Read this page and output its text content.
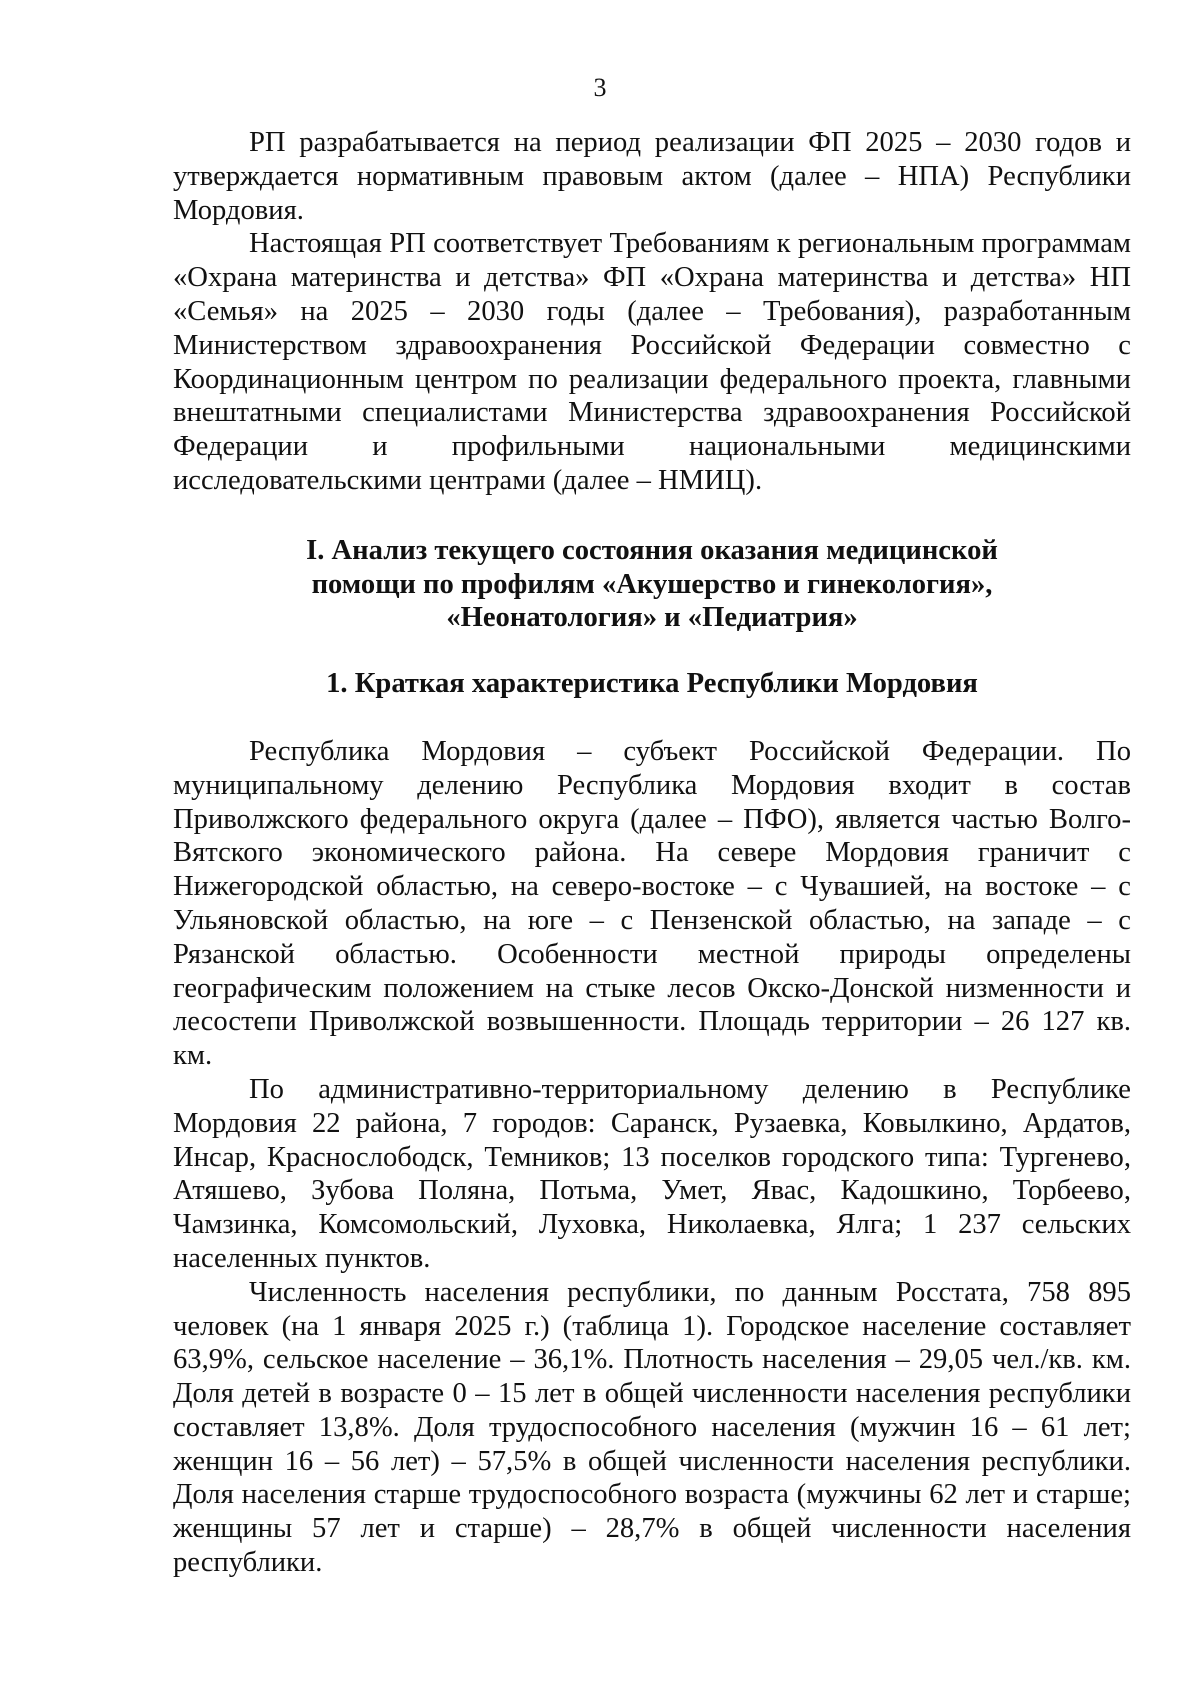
3

РП разрабатывается на период реализации ФП 2025 – 2030 годов и утверждается нормативным правовым актом (далее – НПА) Республики Мордовия.

Настоящая РП соответствует Требованиям к региональным программам «Охрана материнства и детства» ФП «Охрана материнства и детства» НП «Семья» на 2025 – 2030 годы (далее – Требования), разработанным Министерством здравоохранения Российской Федерации совместно с Координационным центром по реализации федерального проекта, главными внештатными специалистами Министерства здравоохранения Российской Федерации и профильными национальными медицинскими исследовательскими центрами (далее – НМИЦ).

I. Анализ текущего состояния оказания медицинской
помощи по профилям «Акушерство и гинекология»,
«Неонатология» и «Педиатрия»
1. Краткая характеристика Республики Мордовия

Республика Мордовия – субъект Российской Федерации. По муниципальному делению Республика Мордовия входит в состав Приволжского федерального округа (далее – ПФО), является частью Волго-Вятского экономического района. На севере Мордовия граничит с Нижегородской областью, на северо-востоке – с Чувашией, на востоке – с Ульяновской областью, на юге – с Пензенской областью, на западе – с Рязанской областью. Особенности местной природы определены географическим положением на стыке лесов Окско-Донской низменности и лесостепи Приволжской возвышенности. Площадь территории – 26 127 кв. км.

По административно-территориальному делению в Республике Мордовия 22 района, 7 городов: Саранск, Рузаевка, Ковылкино, Ардатов, Инсар, Краснослободск, Темников; 13 поселков городского типа: Тургенево, Атяшево, Зубова Поляна, Потьма, Умет, Явас, Кадошкино, Торбеево, Чамзинка, Комсомольский, Луховка, Николаевка, Ялга; 1 237 сельских населенных пунктов.

Численность населения республики, по данным Росстата, 758 895 человек (на 1 января 2025 г.) (таблица 1). Городское население составляет 63,9%, сельское население – 36,1%. Плотность населения – 29,05 чел./кв. км. Доля детей в возрасте 0 – 15 лет в общей численности населения республики составляет 13,8%. Доля трудоспособного населения (мужчин 16 – 61 лет; женщин 16 – 56 лет) – 57,5% в общей численности населения республики. Доля населения старше трудоспособного возраста (мужчины 62 лет и старше; женщины 57 лет и старше) – 28,7% в общей численности населения республики.
